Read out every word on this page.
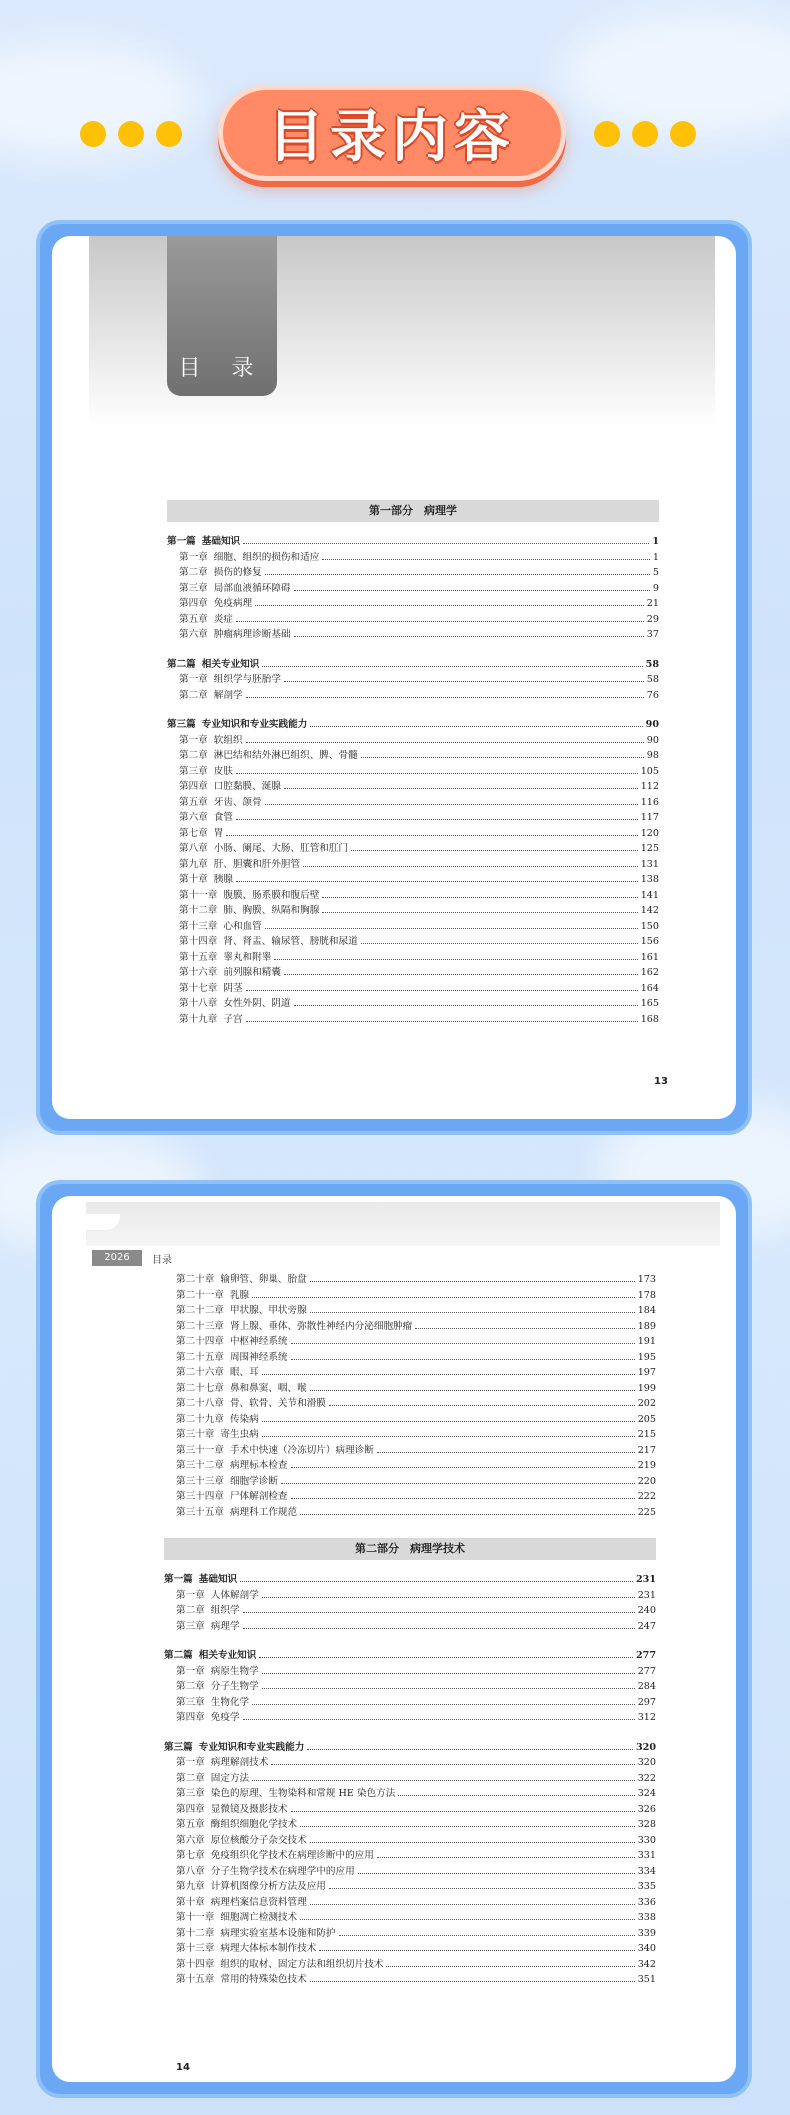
目录内容
目 录
第一部分　病理学
第一篇 基础知识	1
第一章 细胞、组织的损伤和适应	1
第二章 损伤的修复	5
第三章 局部血液循环障碍	9
第四章 免疫病理	21
第五章 炎症	29
第六章 肿瘤病理诊断基础	37
第二篇 相关专业知识	58
第一章 组织学与胚胎学	58
第二章 解剖学	76
第三篇 专业知识和专业实践能力	90
第一章 软组织	90
第二章 淋巴结和结外淋巴组织、脾、骨髓	98
第三章 皮肤	105
第四章 口腔黏膜、涎腺	112
第五章 牙齿、颌骨	116
第六章 食管	117
第七章 胃	120
第八章 小肠、阑尾、大肠、肛管和肛门	125
第九章 肝、胆囊和肝外胆管	131
第十章 胰腺	138
第十一章 腹膜、肠系膜和腹后壁	141
第十二章 肺、胸膜、纵隔和胸腺	142
第十三章 心和血管	150
第十四章 肾、肾盂、输尿管、膀胱和尿道	156
第十五章 睾丸和附睾	161
第十六章 前列腺和精囊	162
第十七章 阴茎	164
第十八章 女性外阴、阴道	165
第十九章 子宫	168
13
2026	目录
第二十章 输卵管、卵巢、胎盘	173
第二十一章 乳腺	178
第二十二章 甲状腺、甲状旁腺	184
第二十三章 肾上腺、垂体、弥散性神经内分泌细胞肿瘤	189
第二十四章 中枢神经系统	191
第二十五章 周围神经系统	195
第二十六章 眼、耳	197
第二十七章 鼻和鼻窦、咽、喉	199
第二十八章 骨、软骨、关节和滑膜	202
第二十九章 传染病	205
第三十章 寄生虫病	215
第三十一章 手术中快速（冷冻切片）病理诊断	217
第三十二章 病理标本检查	219
第三十三章 细胞学诊断	220
第三十四章 尸体解剖检查	222
第三十五章 病理科工作规范	225
第二部分　病理学技术
第一篇 基础知识	231
第一章 人体解剖学	231
第二章 组织学	240
第三章 病理学	247
第二篇 相关专业知识	277
第一章 病原生物学	277
第二章 分子生物学	284
第三章 生物化学	297
第四章 免疫学	312
第三篇 专业知识和专业实践能力	320
第一章 病理解剖技术	320
第二章 固定方法	322
第三章 染色的原理、生物染料和常规 HE 染色方法	324
第四章 显微镜及摄影技术	326
第五章 酶组织细胞化学技术	328
第六章 原位核酸分子杂交技术	330
第七章 免疫组织化学技术在病理诊断中的应用	331
第八章 分子生物学技术在病理学中的应用	334
第九章 计算机图像分析方法及应用	335
第十章 病理档案信息资料管理	336
第十一章 细胞凋亡检测技术	338
第十二章 病理实验室基本设施和防护	339
第十三章 病理大体标本制作技术	340
第十四章 组织的取材、固定方法和组织切片技术	342
第十五章 常用的特殊染色技术	351
14
